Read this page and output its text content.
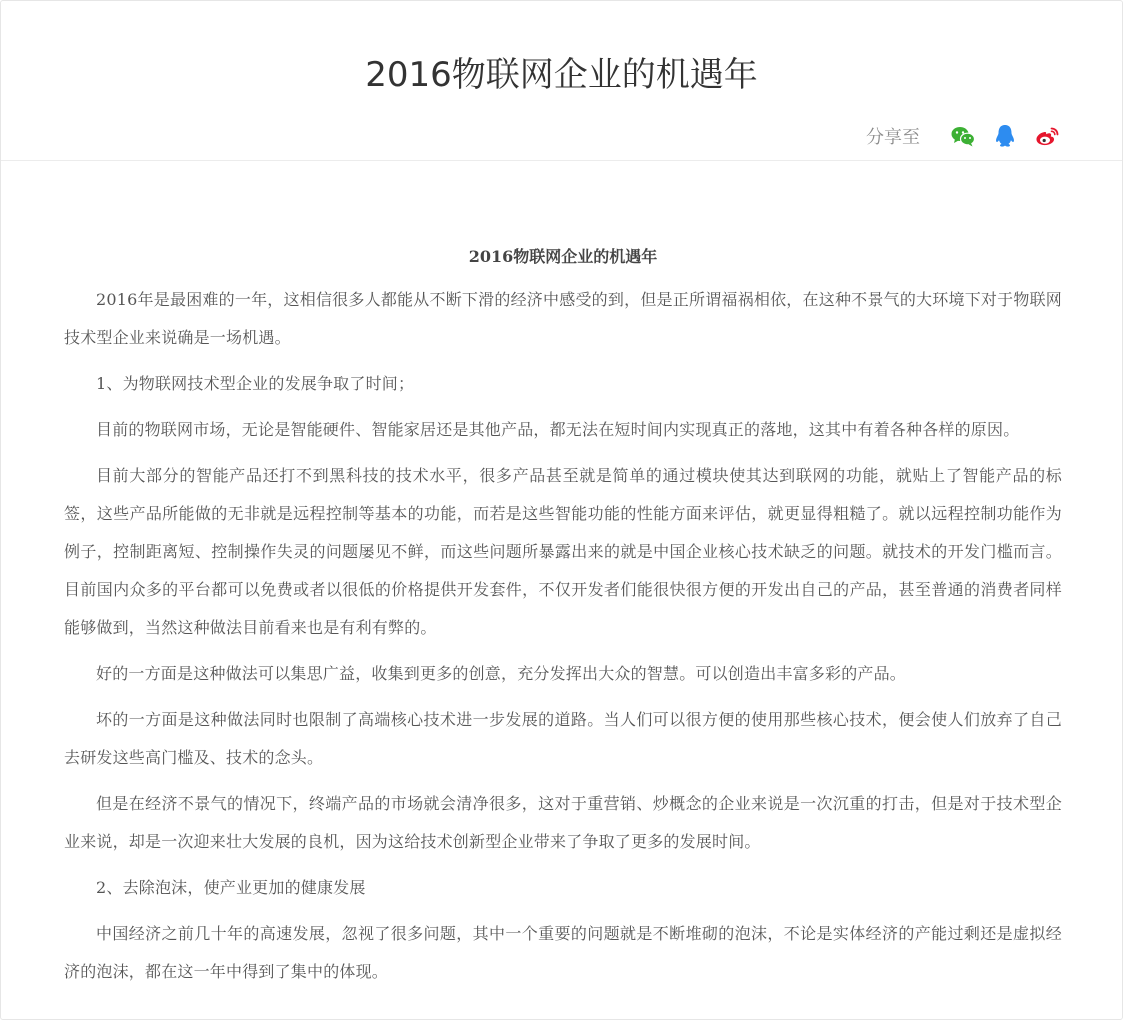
2016物联网企业的机遇年
分享至
2016物联网企业的机遇年

2016年是最困难的一年，这相信很多人都能从不断下滑的经济中感受的到，但是正所谓福祸相依，在这种不景气的大环境下对于物联网技术型企业来说确是一场机遇。

1、为物联网技术型企业的发展争取了时间；

目前的物联网市场，无论是智能硬件、智能家居还是其他产品，都无法在短时间内实现真正的落地，这其中有着各种各样的原因。

目前大部分的智能产品还打不到黑科技的技术水平，很多产品甚至就是简单的通过模块使其达到联网的功能，就贴上了智能产品的标签，这些产品所能做的无非就是远程控制等基本的功能，而若是这些智能功能的性能方面来评估，就更显得粗糙了。就以远程控制功能作为例子，控制距离短、控制操作失灵的问题屡见不鲜，而这些问题所暴露出来的就是中国企业核心技术缺乏的问题。就技术的开发门槛而言。目前国内众多的平台都可以免费或者以很低的价格提供开发套件，不仅开发者们能很快很方便的开发出自己的产品，甚至普通的消费者同样能够做到，当然这种做法目前看来也是有利有弊的。

好的一方面是这种做法可以集思广益，收集到更多的创意，充分发挥出大众的智慧。可以创造出丰富多彩的产品。

坏的一方面是这种做法同时也限制了高端核心技术进一步发展的道路。当人们可以很方便的使用那些核心技术，便会使人们放弃了自己去研发这些高门槛及、技术的念头。

但是在经济不景气的情况下，终端产品的市场就会清净很多，这对于重营销、炒概念的企业来说是一次沉重的打击，但是对于技术型企业来说，却是一次迎来壮大发展的良机，因为这给技术创新型企业带来了争取了更多的发展时间。

2、去除泡沫，使产业更加的健康发展

中国经济之前几十年的高速发展，忽视了很多问题，其中一个重要的问题就是不断堆砌的泡沫，不论是实体经济的产能过剩还是虚拟经济的泡沫，都在这一年中得到了集中的体现。
